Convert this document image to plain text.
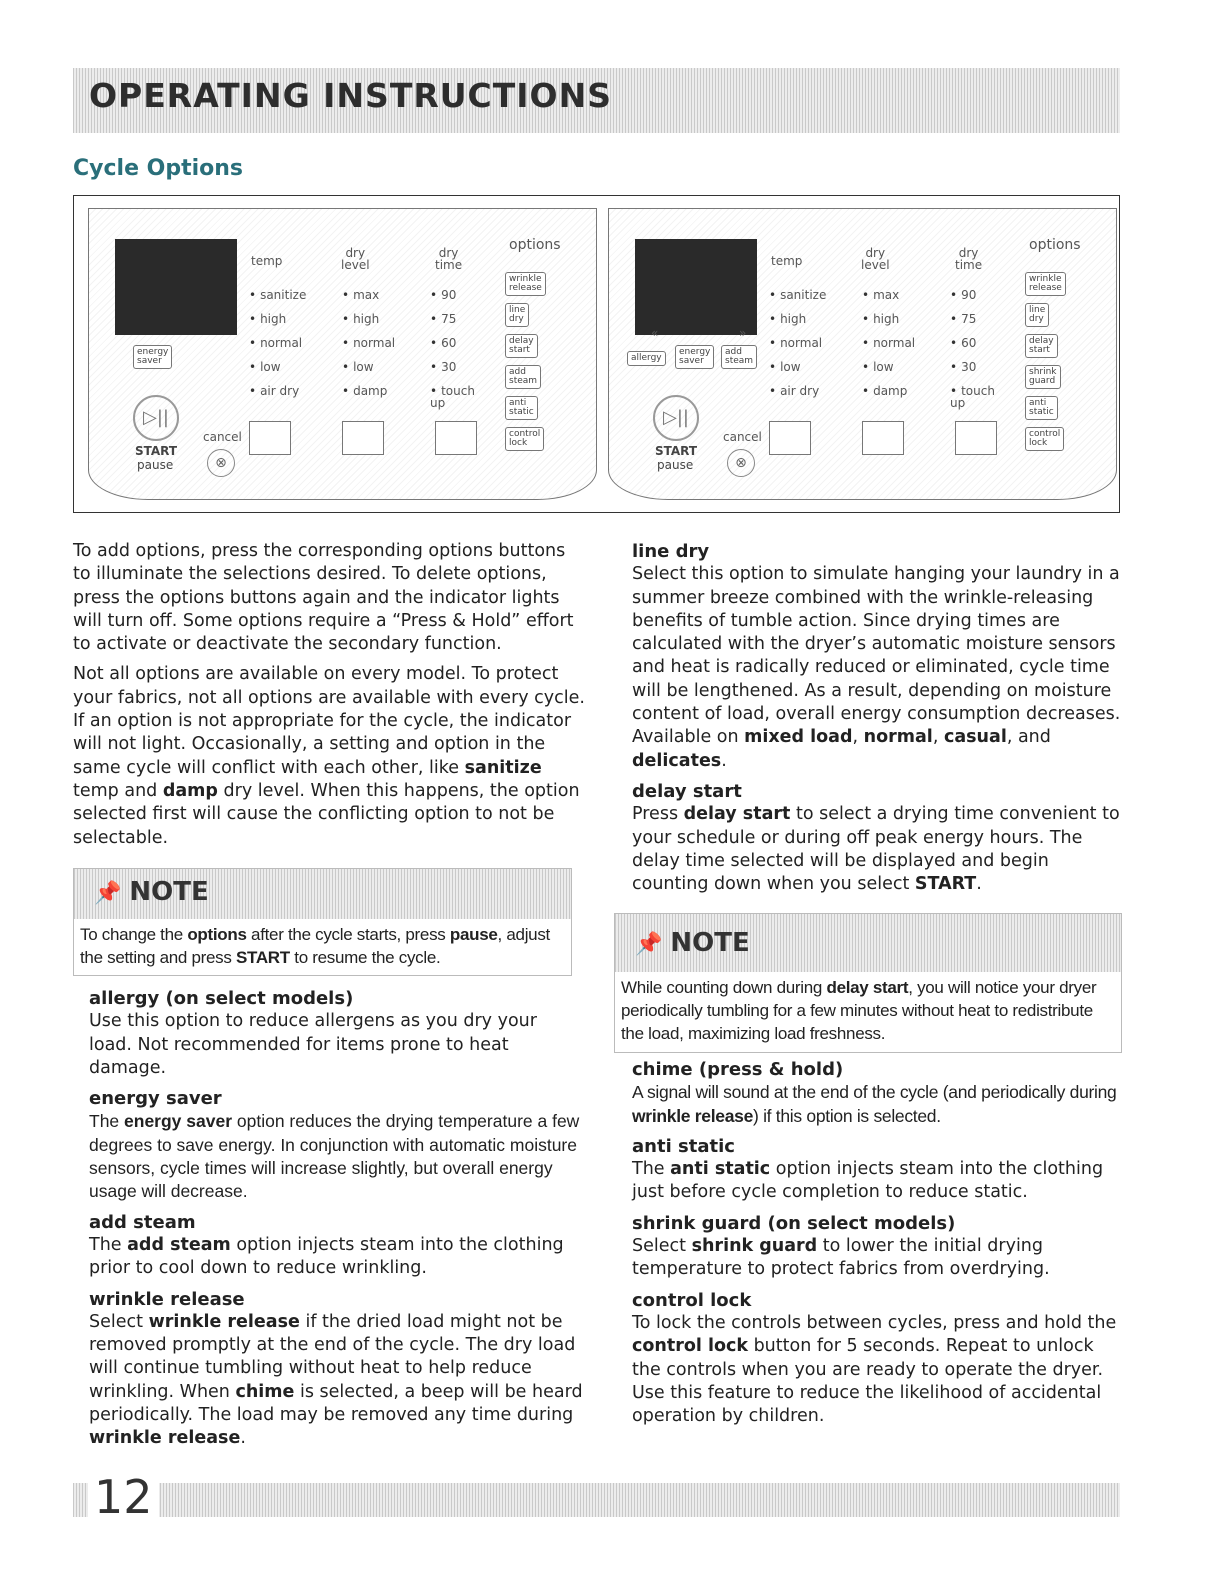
OPERATING INSTRUCTIONS
Cycle Options
temp
dry
level
dry
time
options
• sanitize
• high
• normal
• low
• air dry
• max
• high
• normal
• low
• damp
• 90
• 75
• 60
• 30
• touch
up
wrinkle
release
line
dry
delay
start
add
steam
anti
static
control
lock
▷||
START
pause
cancel
⊗
energy
saver
temp
dry
level
dry
time
options
• sanitize
• high
• normal
• low
• air dry
• max
• high
• normal
• low
• damp
• 90
• 75
• 60
• 30
• touch
up
wrinkle
release
line
dry
delay
start
shrink
guard
anti
static
control
lock
▷||
START
pause
cancel
⊗
allergy
energy
saver
add
steam
«	»

To add options, press the corresponding options buttons to illuminate the selections desired. To delete options, press the options buttons again and the indicator lights will turn off. Some options require a “Press & Hold” effort to activate or deactivate the secondary function.

Not all options are available on every model. To protect your fabrics, not all options are available with every cycle. If an option is not appropriate for the cycle, the indicator will not light. Occasionally, a setting and option in the same cycle will conflict with each other, like sanitize temp and damp dry level. When this happens, the option selected first will cause the conflicting option to not be selectable.

📌 NOTE
To change the options after the cycle starts, press pause, adjust the setting and press START to resume the cycle.
allergy (on select models)

Use this option to reduce allergens as you dry your load. Not recommended for items prone to heat damage.

energy saver

The energy saver option reduces the drying temperature a few degrees to save energy. In conjunction with automatic moisture sensors, cycle times will increase slightly, but overall energy usage will decrease.

add steam

The add steam option injects steam into the clothing prior to cool down to reduce wrinkling.

wrinkle release

Select wrinkle release if the dried load might not be removed promptly at the end of the cycle. The dry load will continue tumbling without heat to help reduce wrinkling. When chime is selected, a beep will be heard periodically. The load may be removed any time during wrinkle release.

line dry

Select this option to simulate hanging your laundry in a summer breeze combined with the wrinkle-releasing benefits of tumble action. Since drying times are calculated with the dryer’s automatic moisture sensors and heat is radically reduced or eliminated, cycle time will be lengthened. As a result, depending on moisture content of load, overall energy consumption decreases. Available on mixed load, normal, casual, and delicates.

delay start

Press delay start to select a drying time convenient to your schedule or during off peak energy hours. The delay time selected will be displayed and begin counting down when you select START.

📌 NOTE
While counting down during delay start, you will notice your dryer periodically tumbling for a few minutes without heat to redistribute the load, maximizing load freshness.
chime (press & hold)

A signal will sound at the end of the cycle (and periodically during wrinkle release) if this option is selected.

anti static

The anti static option injects steam into the clothing just before cycle completion to reduce static.

shrink guard (on select models)

Select shrink guard to lower the initial drying temperature to protect fabrics from overdrying.

control lock

To lock the controls between cycles, press and hold the control lock button for 5 seconds. Repeat to unlock the controls when you are ready to operate the dryer. Use this feature to reduce the likelihood of accidental operation by children.

12
